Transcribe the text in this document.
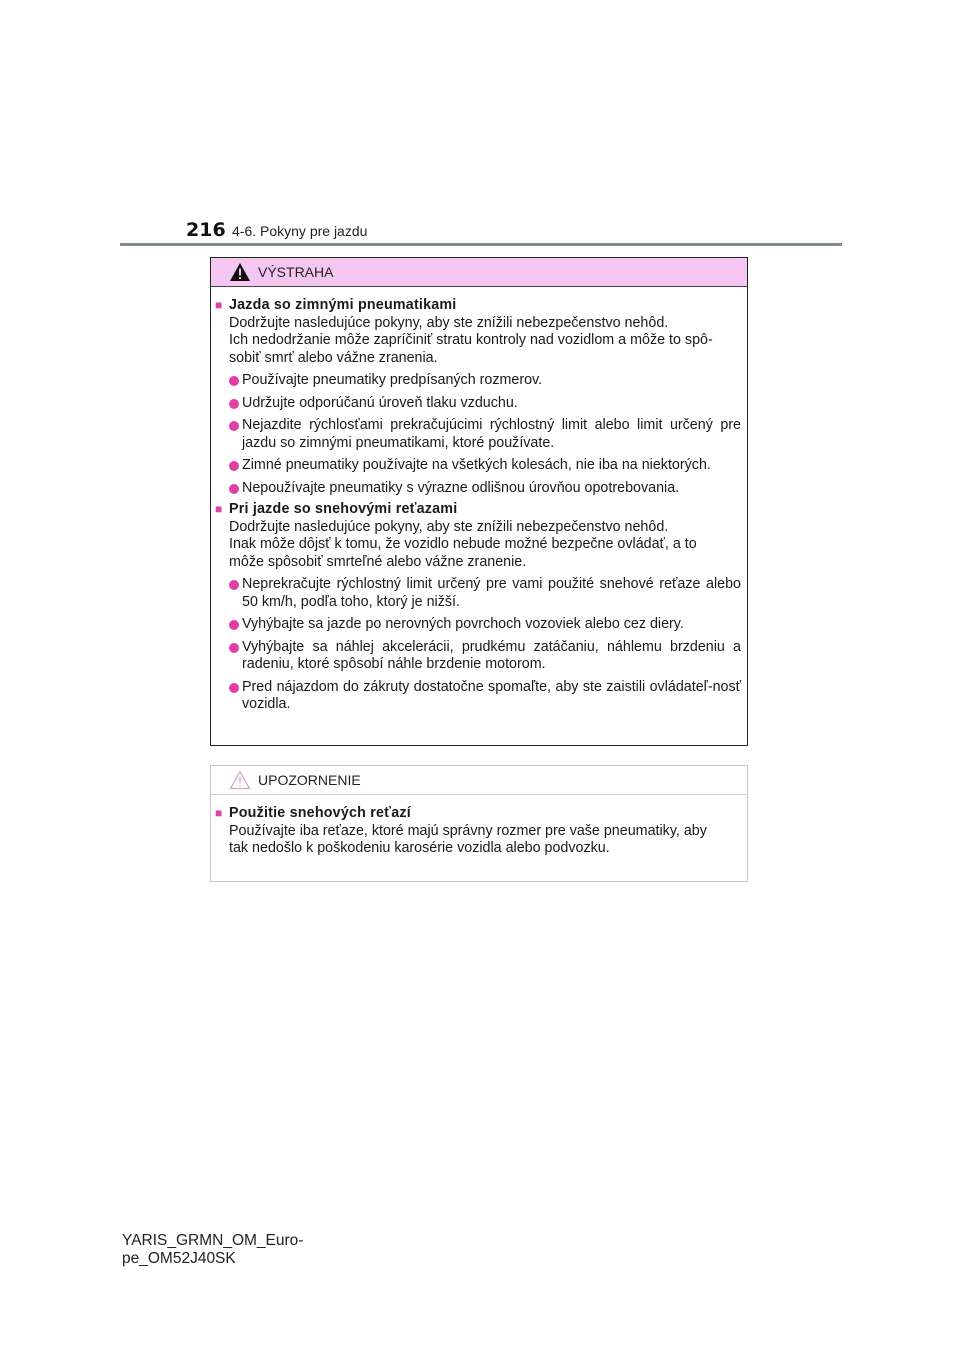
216 4-6. Pokyny pre jazdu
VÝSTRAHA
■ Jazda so zimnými pneumatikami
Dodržujte nasledujúce pokyny, aby ste znížili nebezpečenstvo nehôd.
Ich nedodržanie môže zapríčiniť stratu kontroly nad vozidlom a môže to spô-
sobiť smrť alebo vážne zranenia.
Používajte pneumatiky predpísaných rozmerov.
Udržujte odporúčanú úroveň tlaku vzduchu.
Nejazdite rýchlosťami prekračujúcimi rýchlostný limit alebo limit určený pre jazdu so zimnými pneumatikami, ktoré používate.
Zimné pneumatiky používajte na všetkých kolesách, nie iba na niektorých.
Nepoužívajte pneumatiky s výrazne odlišnou úrovňou opotrebovania.
■ Pri jazde so snehovými reťazami
Dodržujte nasledujúce pokyny, aby ste znížili nebezpečenstvo nehôd.
Inak môže dôjsť k tomu, že vozidlo nebude možné bezpečne ovládať, a to
môže spôsobiť smrteľné alebo vážne zranenie.
Neprekračujte rýchlostný limit určený pre vami použité snehové reťaze alebo 50 km/h, podľa toho, ktorý je nižší.
Vyhýbajte sa jazde po nerovných povrchoch vozoviek alebo cez diery.
Vyhýbajte sa náhlej akcelerácii, prudkému zatáčaniu, náhlemu brzdeniu a radeniu, ktoré spôsobí náhle brzdenie motorom.
Pred nájazdom do zákruty dostatočne spomaľte, aby ste zaistili ovládateľ-nosť vozidla.
UPOZORNENIE
■ Použitie snehových reťazí
Používajte iba reťaze, ktoré majú správny rozmer pre vaše pneumatiky, aby
tak nedošlo k poškodeniu karosérie vozidla alebo podvozku.
YARIS_GRMN_OM_Euro-
pe_OM52J40SK
